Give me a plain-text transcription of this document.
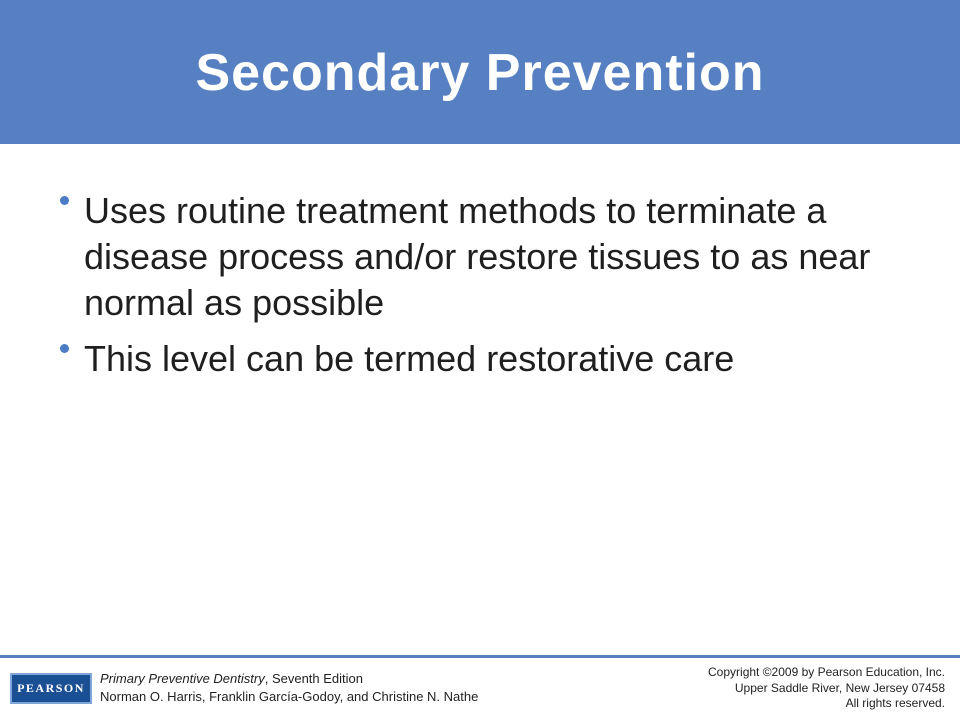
Secondary Prevention
Uses routine treatment methods to terminate a disease process and/or restore tissues to as near normal as possible
This level can be termed restorative care
PEARSON
Primary Preventive Dentistry, Seventh Edition
Norman O. Harris, Franklin García-Godoy, and Christine N. Nathe
Copyright ©2009 by Pearson Education, Inc.
Upper Saddle River, New Jersey 07458
All rights reserved.
